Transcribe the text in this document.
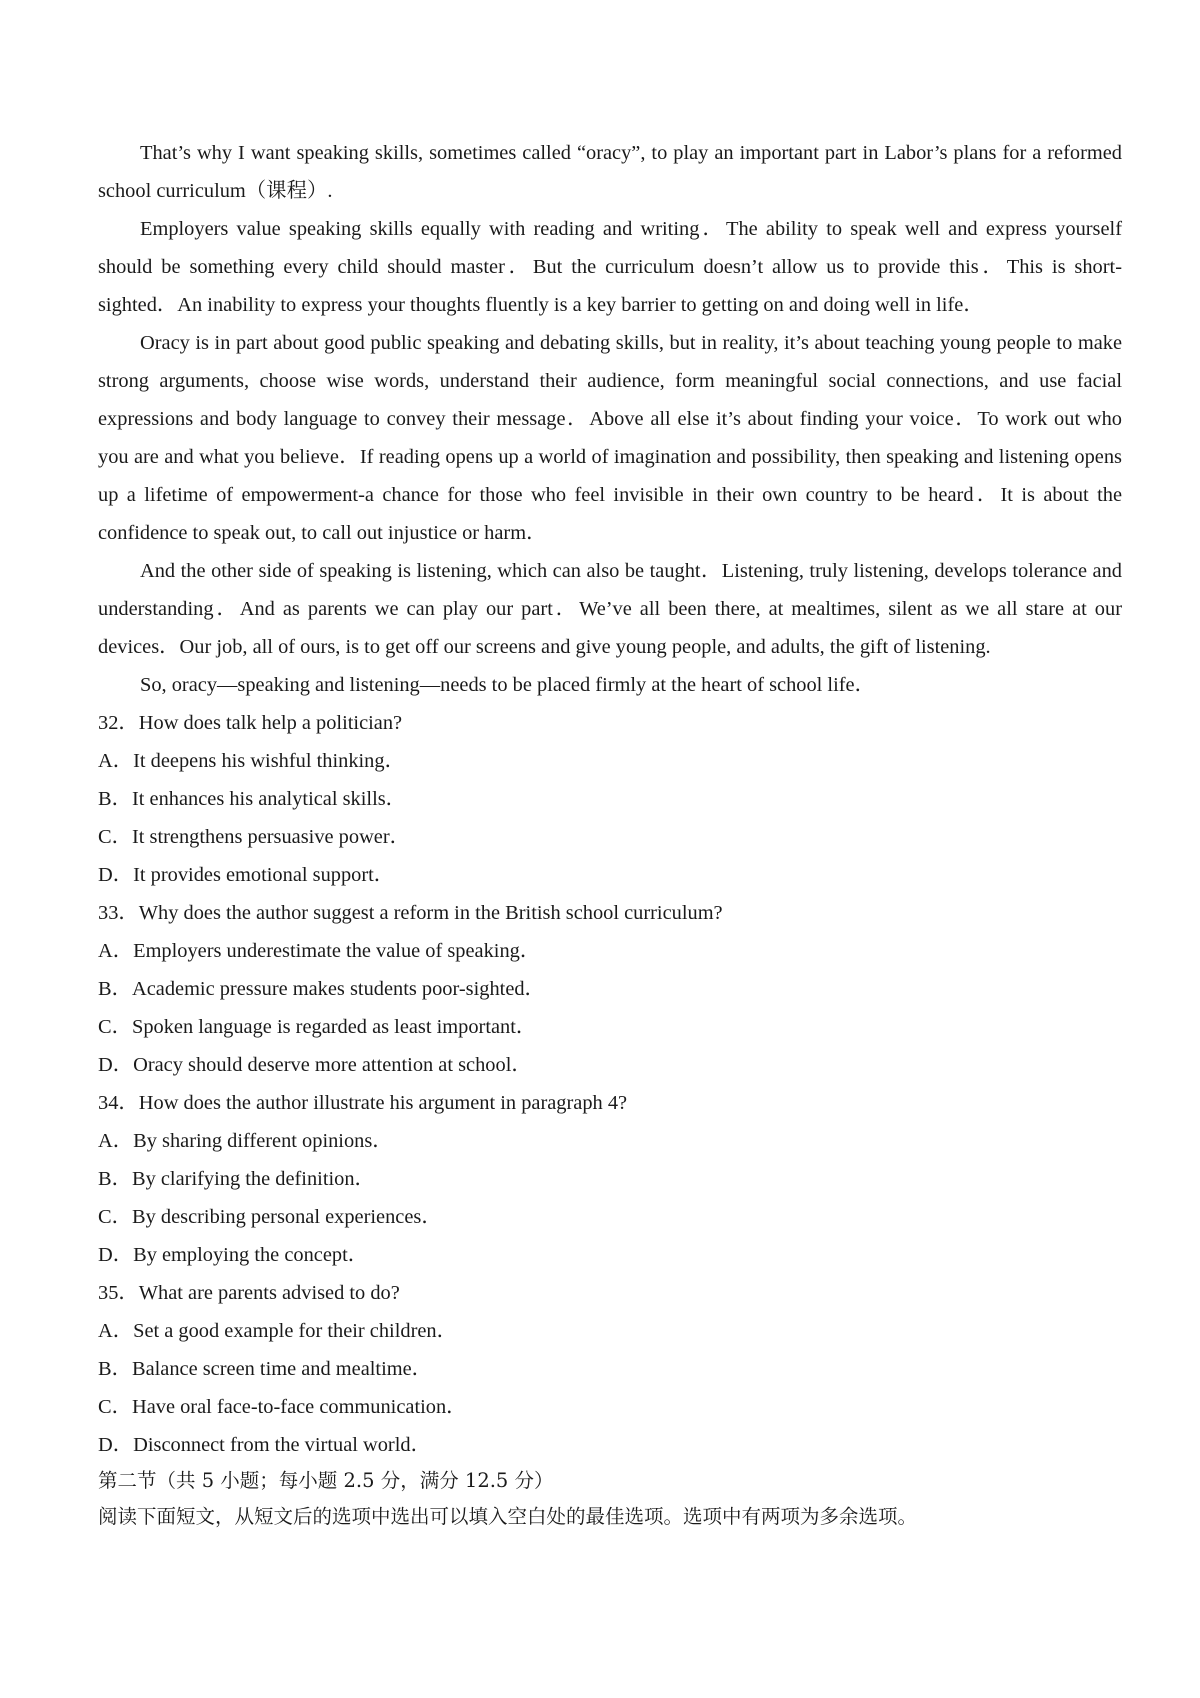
That’s why I want speaking skills, sometimes called “oracy”, to play an important part in Labor’s plans for a reformed school curriculum（课程）.

Employers value speaking skills equally with reading and writing．The ability to speak well and express yourself should be something every child should master．But the curriculum doesn’t allow us to provide this．This is short-sighted．An inability to express your thoughts fluently is a key barrier to getting on and doing well in life．

Oracy is in part about good public speaking and debating skills, but in reality, it’s about teaching young people to make strong arguments, choose wise words, understand their audience, form meaningful social connections, and use facial expressions and body language to convey their message．Above all else it’s about finding your voice．To work out who you are and what you believe．If reading opens up a world of imagination and possibility, then speaking and listening opens up a lifetime of empowerment-a chance for those who feel invisible in their own country to be heard．It is about the confidence to speak out, to call out injustice or harm．

And the other side of speaking is listening, which can also be taught．Listening, truly listening, develops tolerance and understanding．And as parents we can play our part．We’ve all been there, at mealtimes, silent as we all stare at our devices．Our job, all of ours, is to get off our screens and give young people, and adults, the gift of listening.

So, oracy—speaking and listening—needs to be placed firmly at the heart of school life．

32．How does talk help a politician?

A．It deepens his wishful thinking．

B．It enhances his analytical skills．

C．It strengthens persuasive power．

D．It provides emotional support．

33．Why does the author suggest a reform in the British school curriculum?

A．Employers underestimate the value of speaking．

B．Academic pressure makes students poor-sighted．

C．Spoken language is regarded as least important．

D．Oracy should deserve more attention at school．

34．How does the author illustrate his argument in paragraph 4?

A．By sharing different opinions．

B．By clarifying the definition．

C．By describing personal experiences．

D．By employing the concept．

35．What are parents advised to do?

A．Set a good example for their children．

B．Balance screen time and mealtime．

C．Have oral face-to-face communication．

D．Disconnect from the virtual world．

第二节（共 5 小题；每小题 2.5 分，满分 12.5 分）

阅读下面短文，从短文后的选项中选出可以填入空白处的最佳选项。选项中有两项为多余选项。
